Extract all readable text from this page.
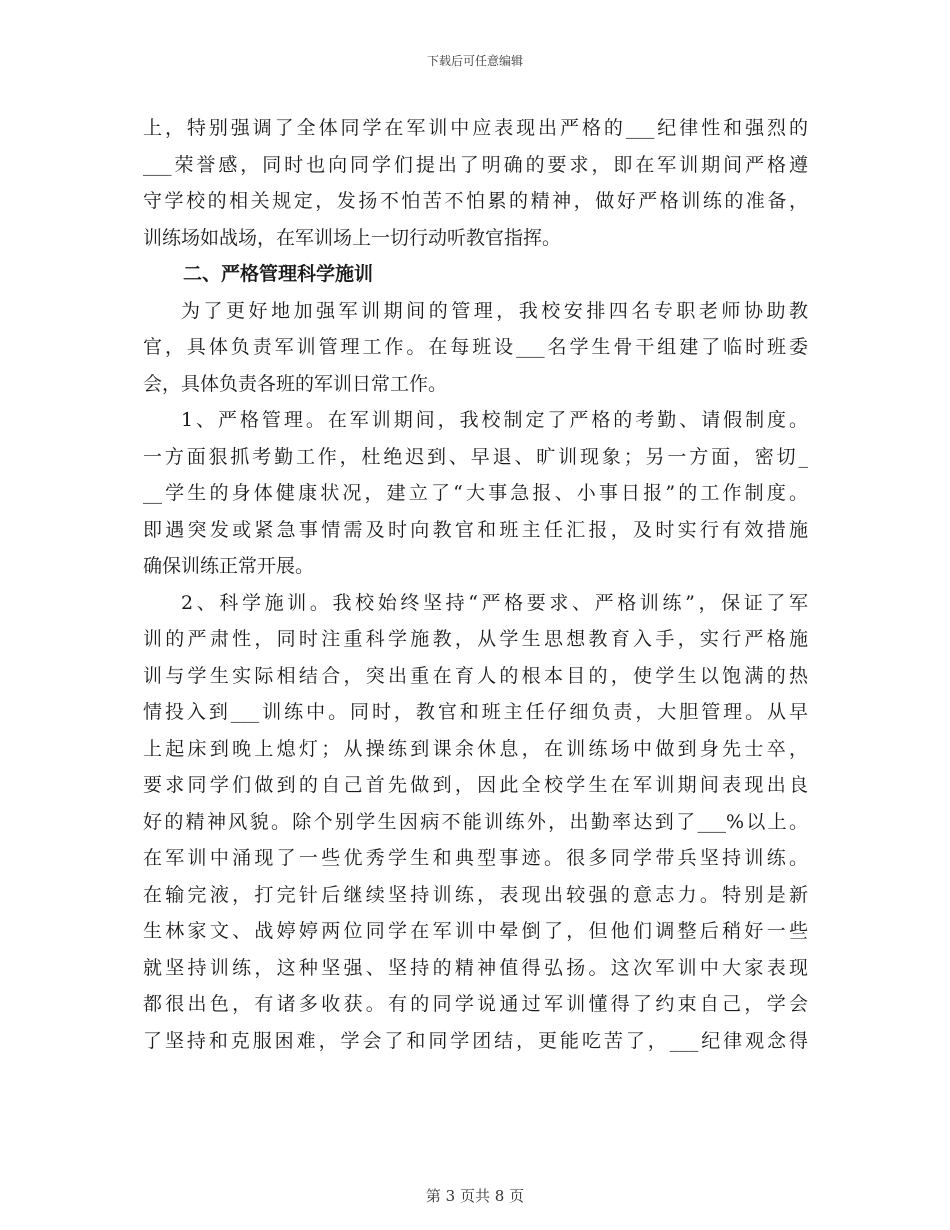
下载后可任意编辑
上，特别强调了全体同学在军训中应表现出严格的___纪律性和强烈的
___荣誉感，同时也向同学们提出了明确的要求，即在军训期间严格遵
守学校的相关规定，发扬不怕苦不怕累的精神，做好严格训练的准备，
训练场如战场，在军训场上一切行动听教官指挥。
二、严格管理科学施训
为了更好地加强军训期间的管理，我校安排四名专职老师协助教
官，具体负责军训管理工作。在每班设___名学生骨干组建了临时班委
会，具体负责各班的军训日常工作。
1、严格管理。在军训期间，我校制定了严格的考勤、请假制度。
一方面狠抓考勤工作，杜绝迟到、早退、旷训现象；另一方面，密切_
__学生的身体健康状况，建立了“大事急报、小事日报”的工作制度。
即遇突发或紧急事情需及时向教官和班主任汇报，及时实行有效措施
确保训练正常开展。
2、科学施训。我校始终坚持“严格要求、严格训练”，保证了军
训的严肃性，同时注重科学施教，从学生思想教育入手，实行严格施
训与学生实际相结合，突出重在育人的根本目的，使学生以饱满的热
情投入到___训练中。同时，教官和班主任仔细负责，大胆管理。从早
上起床到晚上熄灯；从操练到课余休息，在训练场中做到身先士卒，
要求同学们做到的自己首先做到，因此全校学生在军训期间表现出良
好的精神风貌。除个别学生因病不能训练外，出勤率达到了___%以上。
在军训中涌现了一些优秀学生和典型事迹。很多同学带兵坚持训练。
在输完液，打完针后继续坚持训练，表现出较强的意志力。特别是新
生林家文、战婷婷两位同学在军训中晕倒了，但他们调整后稍好一些
就坚持训练，这种坚强、坚持的精神值得弘扬。这次军训中大家表现
都很出色，有诸多收获。有的同学说通过军训懂得了约束自己，学会
了坚持和克服困难，学会了和同学团结，更能吃苦了，___纪律观念得
第 3 页共 8 页
